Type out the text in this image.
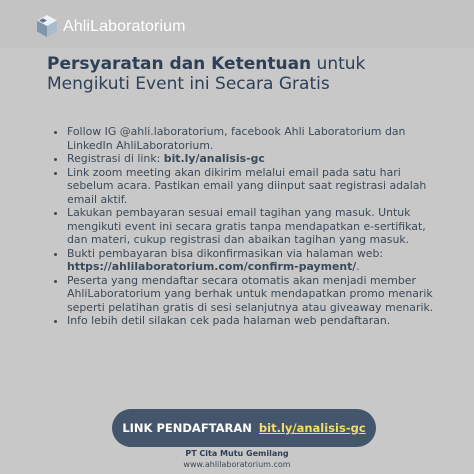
AhliLaboratorium
Persyaratan dan Ketentuan untuk Mengikuti Event ini Secara Gratis
• Follow IG @ahli.laboratorium, facebook Ahli Laboratorium dan LinkedIn AhliLaboratorium.
• Registrasi di link: bit.ly/analisis-gc
• Link zoom meeting akan dikirim melalui email pada satu hari sebelum acara. Pastikan email yang diinput saat registrasi adalah email aktif.
• Lakukan pembayaran sesuai email tagihan yang masuk. Untuk mengikuti event ini secara gratis tanpa mendapatkan e-sertifikat, dan materi, cukup registrasi dan abaikan tagihan yang masuk.
• Bukti pembayaran bisa dikonfirmasikan via halaman web: https://ahlilaboratorium.com/confirm-payment/.
• Peserta yang mendaftar secara otomatis akan menjadi member AhliLaboratorium yang berhak untuk mendapatkan promo menarik seperti pelatihan gratis di sesi selanjutnya atau giveaway menarik.
• Info lebih detil silakan cek pada halaman web pendaftaran.
LINK PENDAFTARAN bit.ly/analisis-gc
PT Cita Mutu Gemilang
www.ahlilaboratorium.com
